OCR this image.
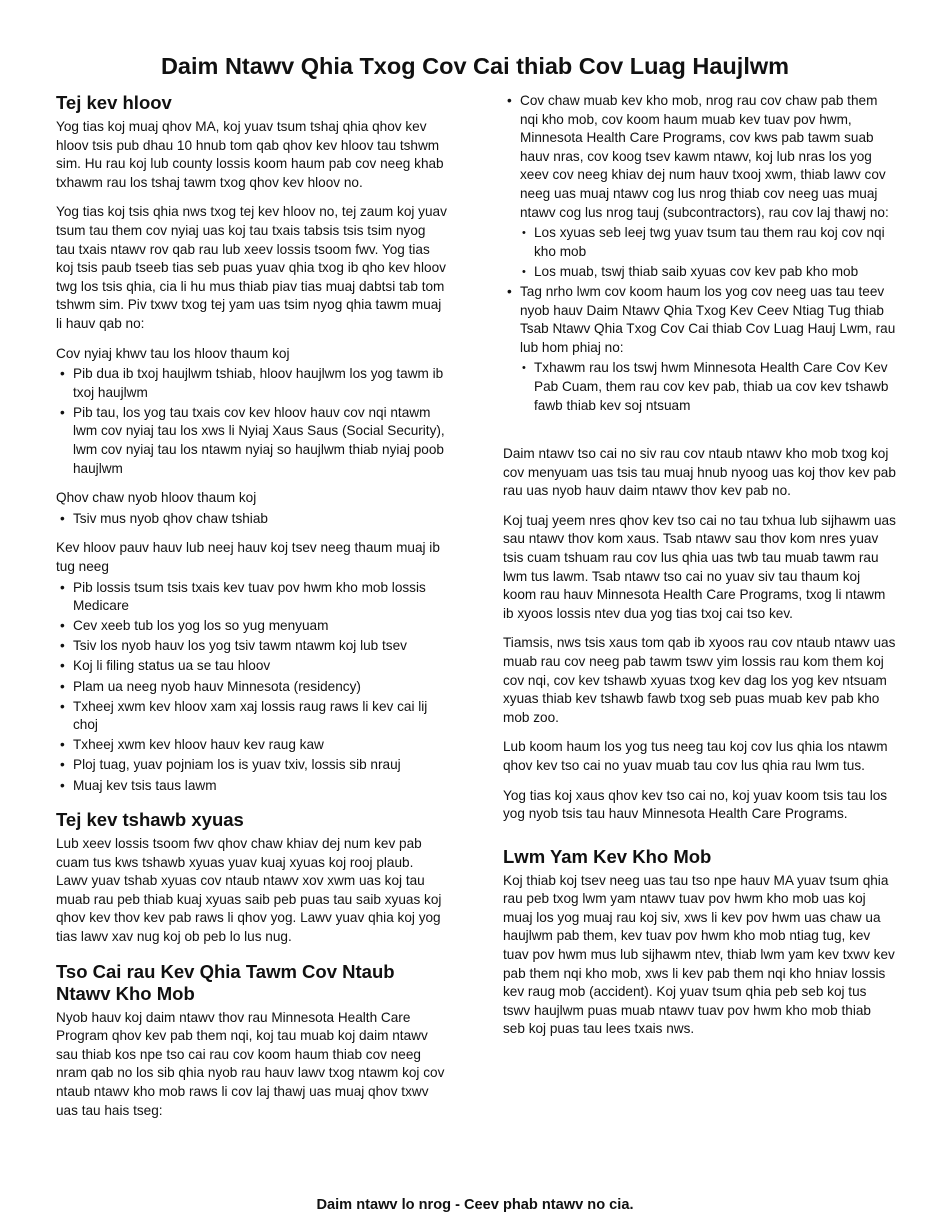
Daim Ntawv Qhia Txog Cov Cai thiab Cov Luag Haujlwm
Tej kev hloov

Yog tias koj muaj qhov MA, koj yuav tsum tshaj qhia qhov kev hloov tsis pub dhau 10 hnub tom qab qhov kev hloov tau tshwm sim. Hu rau koj lub county lossis koom haum pab cov neeg khab txhawm rau los tshaj tawm txog qhov kev hloov no.

Yog tias koj tsis qhia nws txog tej kev hloov no, tej zaum koj yuav tsum tau them cov nyiaj uas koj tau txais tabsis tsis tsim nyog tau txais ntawv rov qab rau lub xeev lossis tsoom fwv. Yog tias koj tsis paub tseeb tias seb puas yuav qhia txog ib qho kev hloov twg los tsis qhia, cia li hu mus thiab piav tias muaj dabtsi tab tom tshwm sim. Piv txwv txog tej yam uas tsim nyog qhia tawm muaj li hauv qab no:

Cov nyiaj khwv tau los hloov thaum koj

• Pib dua ib txoj haujlwm tshiab, hloov haujlwm los yog tawm ib txoj haujlwm
• Pib tau, los yog tau txais cov kev hloov hauv cov nqi ntawm lwm cov nyiaj tau los xws li Nyiaj Xaus Saus (Social Security), lwm cov nyiaj tau los ntawm nyiaj so haujlwm thiab nyiaj poob haujlwm

Qhov chaw nyob hloov thaum koj

• Tsiv mus nyob qhov chaw tshiab

Kev hloov pauv hauv lub neej hauv koj tsev neeg thaum muaj ib tug neeg

• Pib lossis tsum tsis txais kev tuav pov hwm kho mob lossis Medicare
• Cev xeeb tub los yog los so yug menyuam
• Tsiv los nyob hauv los yog tsiv tawm ntawm koj lub tsev
• Koj li filing status ua se tau hloov
• Plam ua neeg nyob hauv Minnesota (residency)
• Txheej xwm kev hloov xam xaj lossis raug raws li kev cai lij choj
• Txheej xwm kev hloov hauv kev raug kaw
• Ploj tuag, yuav pojniam los is yuav txiv, lossis sib nrauj
• Muaj kev tsis taus lawm
Tej kev tshawb xyuas

Lub xeev lossis tsoom fwv qhov chaw khiav dej num kev pab cuam tus kws tshawb xyuas yuav kuaj xyuas koj rooj plaub. Lawv yuav tshab xyuas cov ntaub ntawv xov xwm uas koj tau muab rau peb thiab kuaj xyuas saib peb puas tau saib xyuas koj qhov kev thov kev pab raws li qhov yog. Lawv yuav qhia koj yog tias lawv xav nug koj ob peb lo lus nug.

Tso Cai rau Kev Qhia Tawm Cov Ntaub Ntawv Kho Mob

Nyob hauv koj daim ntawv thov rau Minnesota Health Care Program qhov kev pab them nqi, koj tau muab koj daim ntawv sau thiab kos npe tso cai rau cov koom haum thiab cov neeg nram qab no los sib qhia nyob rau hauv lawv txog ntawm koj cov ntaub ntawv kho mob raws li cov laj thawj uas muaj qhov txwv uas tau hais tseg:

• Cov chaw muab kev kho mob, nrog rau cov chaw pab them nqi kho mob, cov koom haum muab kev tuav pov hwm, Minnesota Health Care Programs, cov kws pab tawm suab hauv nras, cov koog tsev kawm ntawv, koj lub nras los yog xeev cov neeg khiav dej num hauv txooj xwm, thiab lawv cov neeg uas muaj ntawv cog lus nrog thiab cov neeg uas muaj ntawv cog lus nrog tauj (subcontractors), rau cov laj thawj no:
• Los xyuas seb leej twg yuav tsum tau them rau koj cov nqi kho mob
• Los muab, tswj thiab saib xyuas cov kev pab kho mob
• Tag nrho lwm cov koom haum los yog cov neeg uas tau teev nyob hauv Daim Ntawv Qhia Txog Kev Ceev Ntiag Tug thiab Tsab Ntawv Qhia Txog Cov Cai thiab Cov Luag Hauj Lwm, rau lub hom phiaj no:
• Txhawm rau los tswj hwm Minnesota Health Care Cov Kev Pab Cuam, them rau cov kev pab, thiab ua cov kev tshawb fawb thiab kev soj ntsuam

Daim ntawv tso cai no siv rau cov ntaub ntawv kho mob txog koj cov menyuam uas tsis tau muaj hnub nyoog uas koj thov kev pab rau uas nyob hauv daim ntawv thov kev pab no.

Koj tuaj yeem nres qhov kev tso cai no tau txhua lub sijhawm uas sau ntawv thov kom xaus. Tsab ntawv sau thov kom nres yuav tsis cuam tshuam rau cov lus qhia uas twb tau muab tawm rau lwm tus lawm. Tsab ntawv tso cai no yuav siv tau thaum koj koom rau hauv Minnesota Health Care Programs, txog li ntawm ib xyoos lossis ntev dua yog tias txoj cai tso kev.

Tiamsis, nws tsis xaus tom qab ib xyoos rau cov ntaub ntawv uas muab rau cov neeg pab tawm tswv yim lossis rau kom them koj cov nqi, cov kev tshawb xyuas txog kev dag los yog kev ntsuam xyuas thiab kev tshawb fawb txog seb puas muab kev pab kho mob zoo.

Lub koom haum los yog tus neeg tau koj cov lus qhia los ntawm qhov kev tso cai no yuav muab tau cov lus qhia rau lwm tus.

Yog tias koj xaus qhov kev tso cai no, koj yuav koom tsis tau los yog nyob tsis tau hauv Minnesota Health Care Programs.

Lwm Yam Kev Kho Mob

Koj thiab koj tsev neeg uas tau tso npe hauv MA yuav tsum qhia rau peb txog lwm yam ntawv tuav pov hwm kho mob uas koj muaj los yog muaj rau koj siv, xws li kev pov hwm uas chaw ua haujlwm pab them, kev tuav pov hwm kho mob ntiag tug, kev tuav pov hwm mus lub sijhawm ntev, thiab lwm yam kev txwv kev pab them nqi kho mob, xws li kev pab them nqi kho hniav lossis kev raug mob (accident). Koj yuav tsum qhia peb seb koj tus tswv haujlwm puas muab ntawv tuav pov hwm kho mob thiab seb koj puas tau lees txais nws.

Daim ntawv lo nrog - Ceev phab ntawv no cia.
